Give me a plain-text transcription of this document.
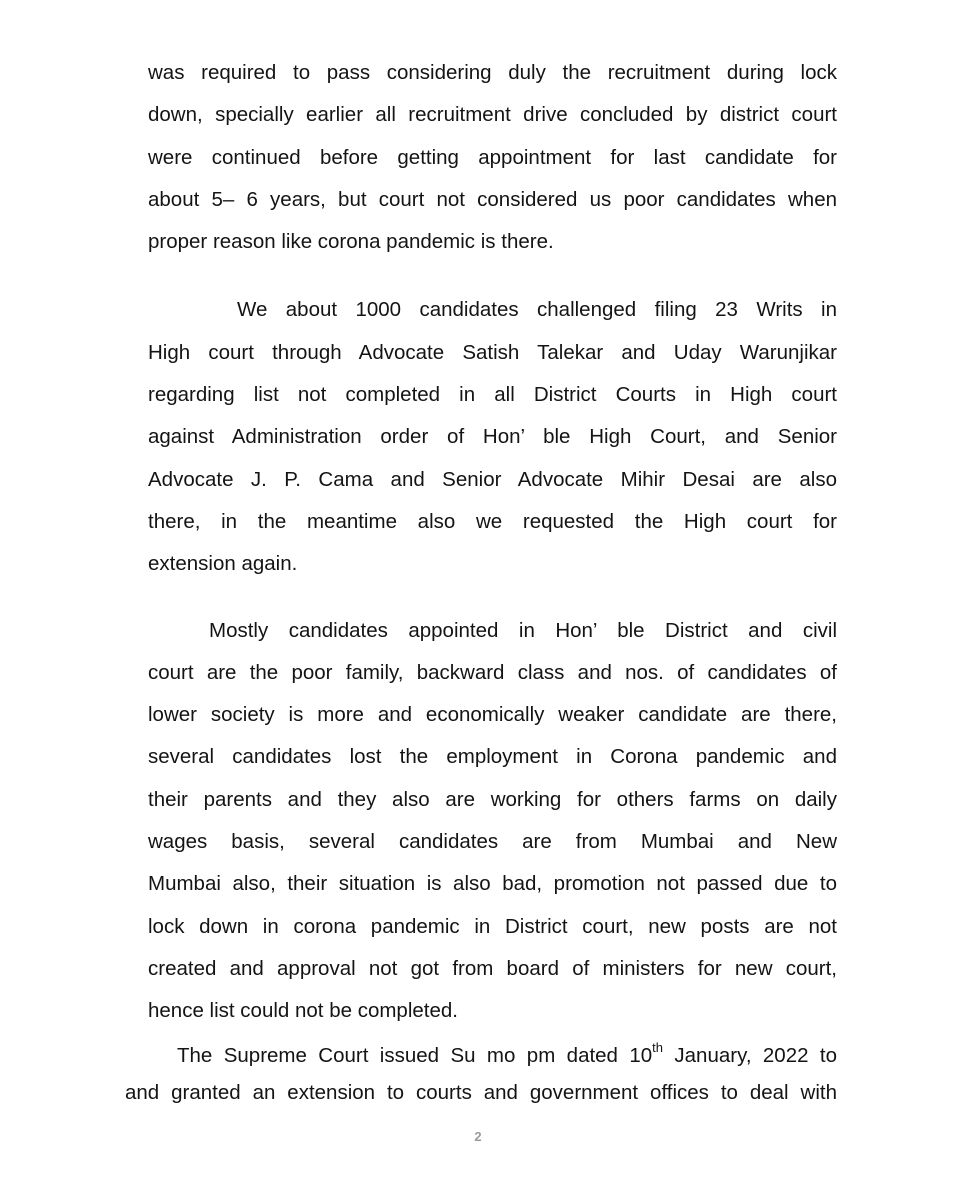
was required to pass considering duly the recruitment during lock
down, specially earlier all recruitment drive concluded by district court
were continued before getting appointment for last candidate for
about 5– 6 years, but court not considered us poor candidates when
proper reason like corona pandemic is there.
We about 1000 candidates challenged filing 23 Writs in
High court through Advocate Satish Talekar and Uday Warunjikar
regarding list not completed in all District Courts in High court
against Administration order of Hon’ ble High Court, and Senior
Advocate J. P. Cama and Senior Advocate Mihir Desai are also
there, in the meantime also we requested the High court for
extension again.
Mostly candidates appointed in Hon’ ble District and civil
court are the poor family, backward class and nos. of candidates of
lower society is more and economically weaker candidate are there,
several candidates lost the employment in Corona pandemic and
their parents and they also are working for others farms on daily
wages basis, several candidates are from Mumbai and New
Mumbai also, their situation is also bad, promotion not passed due to
lock down in corona pandemic in District court, new posts are not
created and approval not got from board of ministers for new court,
hence list could not be completed.
The Supreme Court issued Su mo pm dated 10th January, 2022 to
and granted an extension to courts and government offices to deal with
2
